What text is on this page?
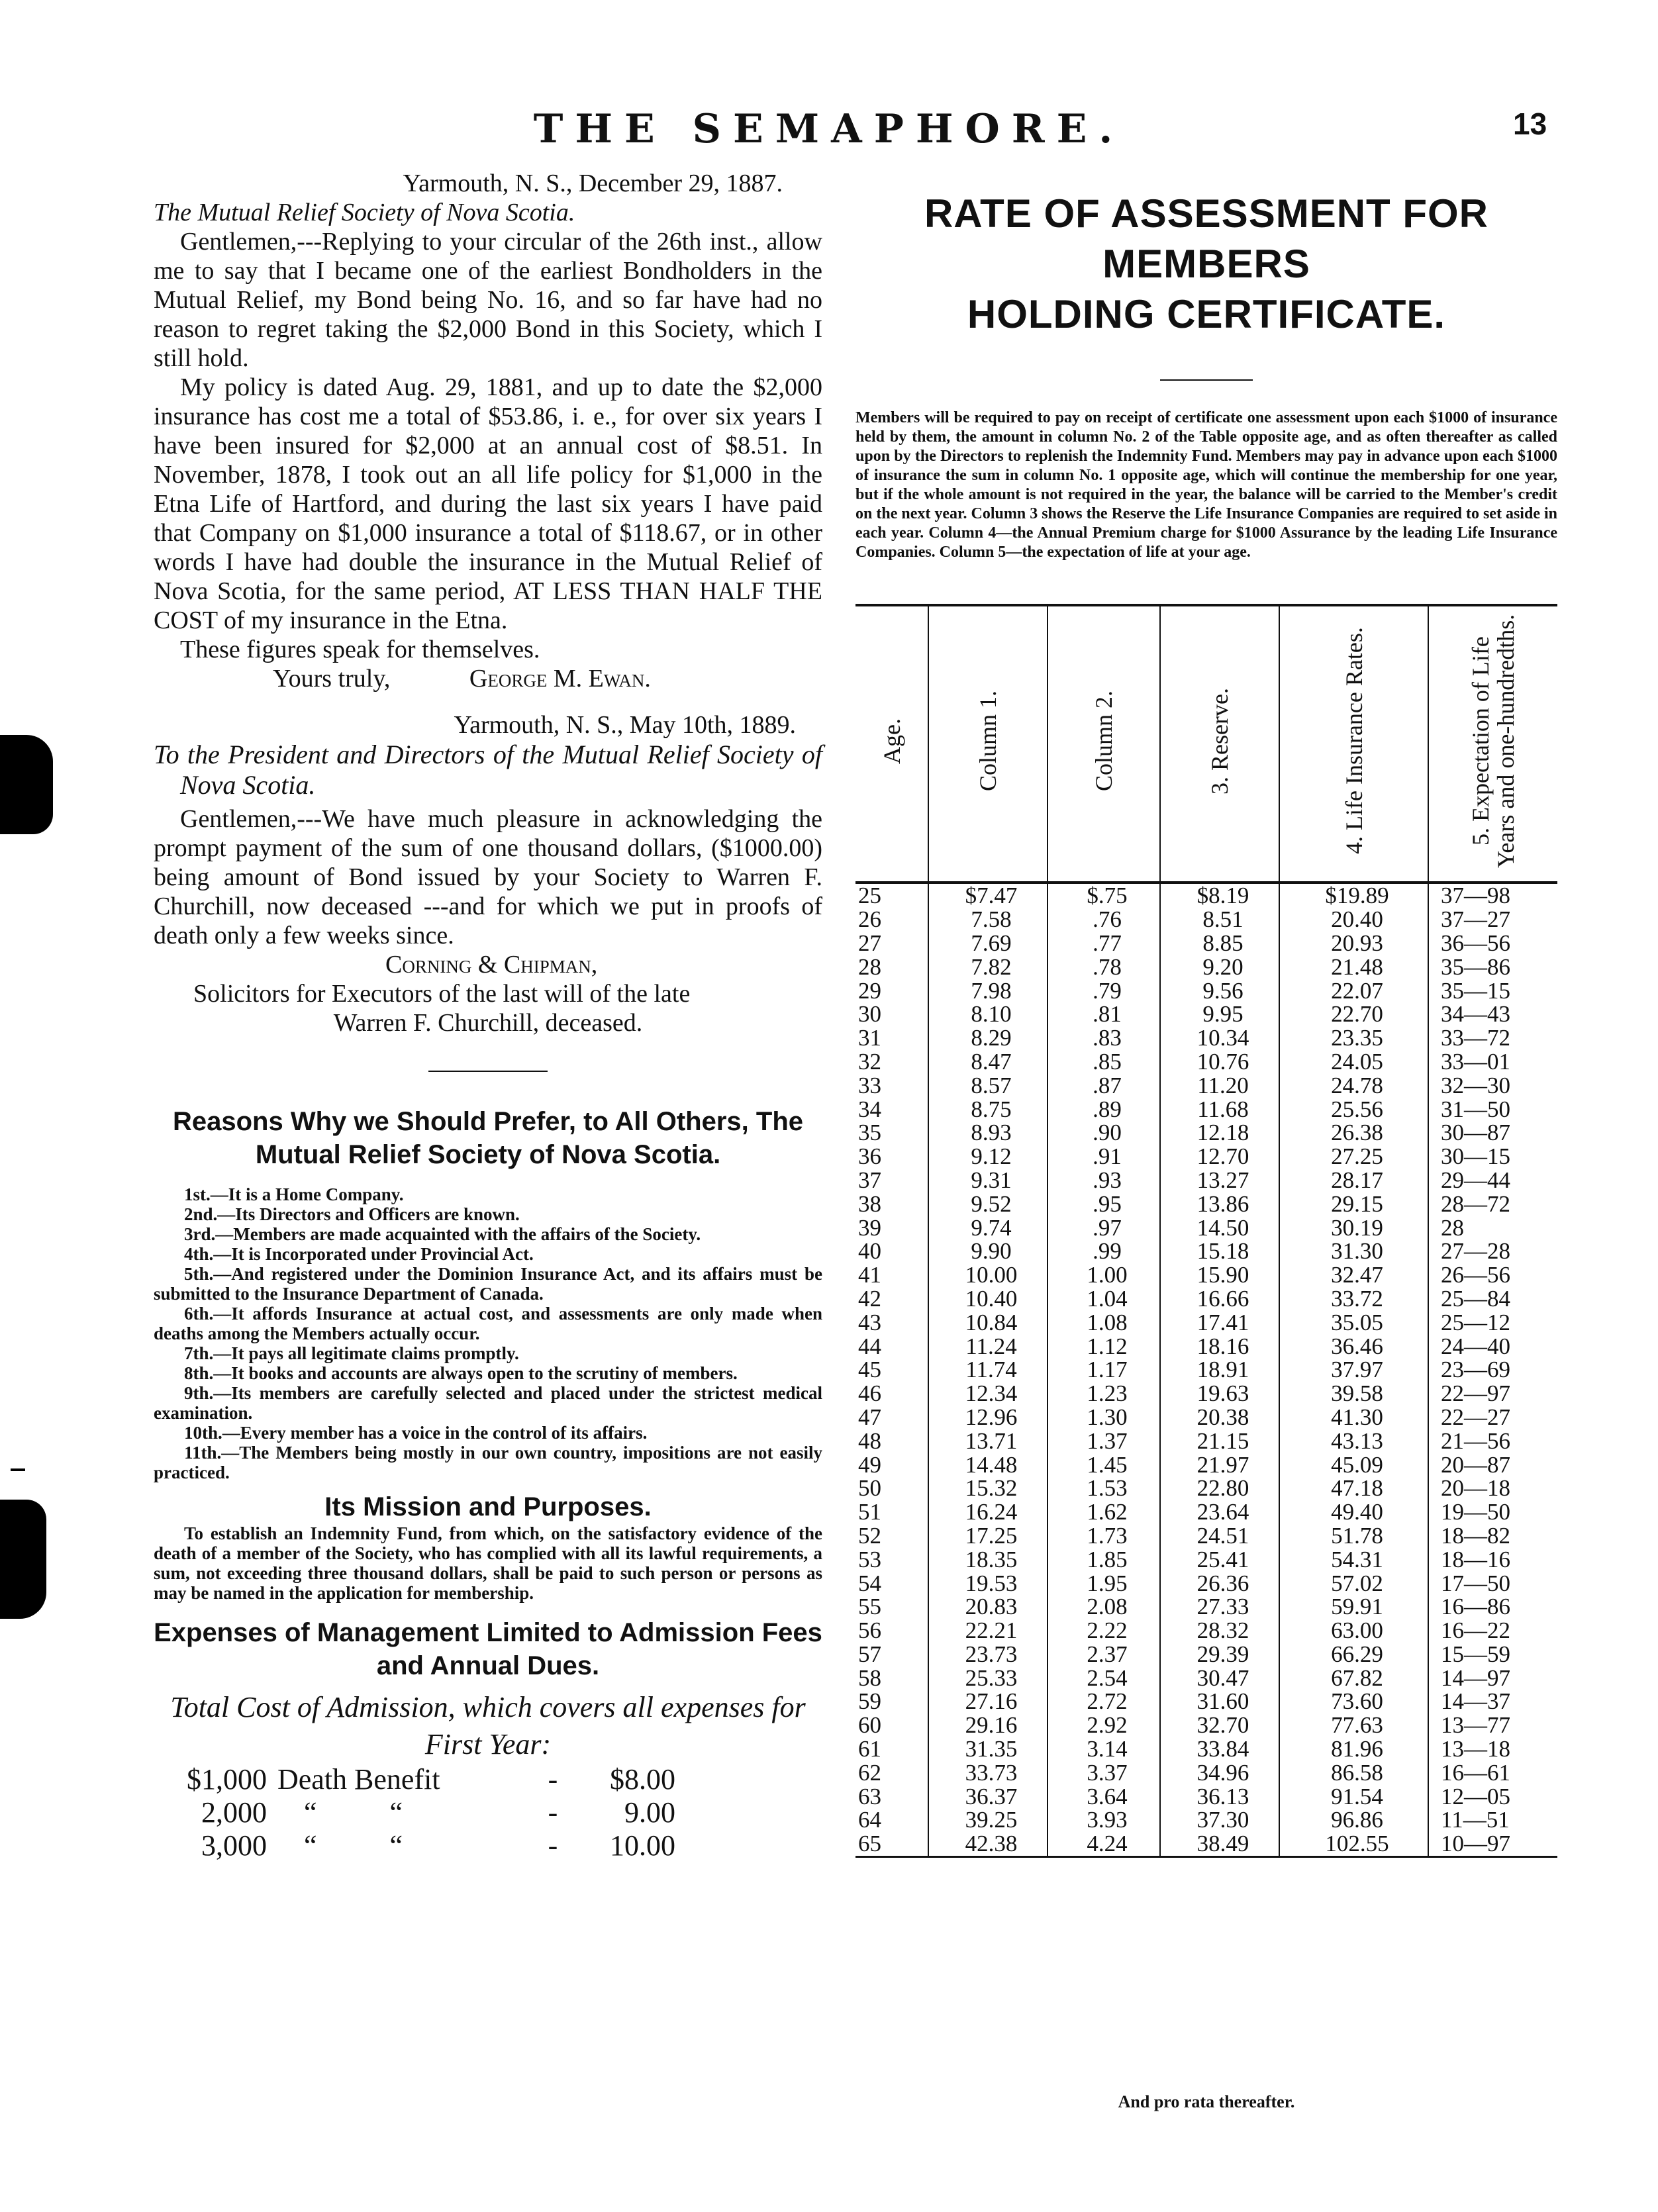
THE SEMAPHORE.	13

Yarmouth, N. S., December 29, 1887.

The Mutual Relief Society of Nova Scotia.

Gentlemen,---Replying to your circular of the 26th inst., allow me to say that I became one of the earliest Bondholders in the Mutual Relief, my Bond being No. 16, and so far have had no reason to regret taking the $2,000 Bond in this Society, which I still hold.

My policy is dated Aug. 29, 1881, and up to date the $2,000 insurance has cost me a total of $53.86, i. e., for over six years I have been insured for $2,000 at an annual cost of $8.51. In November, 1878, I took out an all life policy for $1,000 in the Etna Life of Hartford, and during the last six years I have paid that Company on $1,000 insurance a total of $118.67, or in other words I have had double the insurance in the Mutual Relief of Nova Scotia, for the same period, AT LESS THAN HALF THE COST of my insurance in the Etna.

These figures speak for themselves.

Yours truly,	George M. Ewan.

Yarmouth, N. S., May 10th, 1889.

To the President and Directors of the Mutual Relief Society of Nova Scotia.

Gentlemen,---We have much pleasure in acknowledging the prompt payment of the sum of one thousand dollars, ($1000.00) being amount of Bond issued by your Society to Warren F. Churchill, now deceased ---and for which we put in proofs of death only a few weeks since.

Corning & Chipman,

Solicitors for Executors of the last will of the late

Warren F. Churchill, deceased.

Reasons Why we Should Prefer, to All Others, The Mutual Relief Society of Nova Scotia.

1st.—It is a Home Company.

2nd.—Its Directors and Officers are known.

3rd.—Members are made acquainted with the affairs of the Society.

4th.—It is Incorporated under Provincial Act.

5th.—And registered under the Dominion Insurance Act, and its affairs must be submitted to the Insurance Department of Canada.

6th.—It affords Insurance at actual cost, and assessments are only made when deaths among the Members actually occur.

7th.—It pays all legitimate claims promptly.

8th.—It books and accounts are always open to the scrutiny of members.

9th.—Its members are carefully selected and placed under the strictest medical examination.

10th.—Every member has a voice in the control of its affairs.

11th.—The Members being mostly in our own country, impositions are not easily practiced.

Its Mission and Purposes.

To establish an Indemnity Fund, from which, on the satisfactory evidence of the death of a member of the Society, who has complied with all its lawful requirements, a sum, not exceeding three thousand dollars, shall be paid to such person or persons as may be named in the application for membership.

Expenses of Management Limited to Admission Fees and Annual Dues.

Total Cost of Admission, which covers all expenses for First Year:

$1,000	Death Benefit	-	$8.00
2,000	“          “	-	9.00
3,000	“          “	-	10.00
RATE OF ASSESSMENT FOR MEMBERS
HOLDING CERTIFICATE.

Members will be required to pay on receipt of certificate one assessment upon each $1000 of insurance held by them, the amount in column No. 2 of the Table opposite age, and as often thereafter as called upon by the Directors to replenish the Indemnity Fund. Members may pay in advance upon each $1000 of insurance the sum in column No. 1 opposite age, which will continue the membership for one year, but if the whole amount is not required in the year, the balance will be carried to the Member's credit on the next year. Column 3 shows the Reserve the Life Insurance Companies are required to set aside in each year. Column 4—the Annual Premium charge for $1000 Assurance by the leading Life Insurance Companies. Column 5—the expectation of life at your age.

Age.	Column 1.	Column 2.	3. Reserve.	4. Life Insurance Rates.	5. Expectation of Life Years and one-hundredths.
25	$7.47	$.75	$8.19	$19.89	37—98
26	7.58	.76	8.51	20.40	37—27
27	7.69	.77	8.85	20.93	36—56
28	7.82	.78	9.20	21.48	35—86
29	7.98	.79	9.56	22.07	35—15
30	8.10	.81	9.95	22.70	34—43
31	8.29	.83	10.34	23.35	33—72
32	8.47	.85	10.76	24.05	33—01
33	8.57	.87	11.20	24.78	32—30
34	8.75	.89	11.68	25.56	31—50
35	8.93	.90	12.18	26.38	30—87
36	9.12	.91	12.70	27.25	30—15
37	9.31	.93	13.27	28.17	29—44
38	9.52	.95	13.86	29.15	28—72
39	9.74	.97	14.50	30.19	28
40	9.90	.99	15.18	31.30	27—28
41	10.00	1.00	15.90	32.47	26—56
42	10.40	1.04	16.66	33.72	25—84
43	10.84	1.08	17.41	35.05	25—12
44	11.24	1.12	18.16	36.46	24—40
45	11.74	1.17	18.91	37.97	23—69
46	12.34	1.23	19.63	39.58	22—97
47	12.96	1.30	20.38	41.30	22—27
48	13.71	1.37	21.15	43.13	21—56
49	14.48	1.45	21.97	45.09	20—87
50	15.32	1.53	22.80	47.18	20—18
51	16.24	1.62	23.64	49.40	19—50
52	17.25	1.73	24.51	51.78	18—82
53	18.35	1.85	25.41	54.31	18—16
54	19.53	1.95	26.36	57.02	17—50
55	20.83	2.08	27.33	59.91	16—86
56	22.21	2.22	28.32	63.00	16—22
57	23.73	2.37	29.39	66.29	15—59
58	25.33	2.54	30.47	67.82	14—97
59	27.16	2.72	31.60	73.60	14—37
60	29.16	2.92	32.70	77.63	13—77
61	31.35	3.14	33.84	81.96	13—18
62	33.73	3.37	34.96	86.58	16—61
63	36.37	3.64	36.13	91.54	12—05
64	39.25	3.93	37.30	96.86	11—51
65	42.38	4.24	38.49	102.55	10—97
And pro rata thereafter.
